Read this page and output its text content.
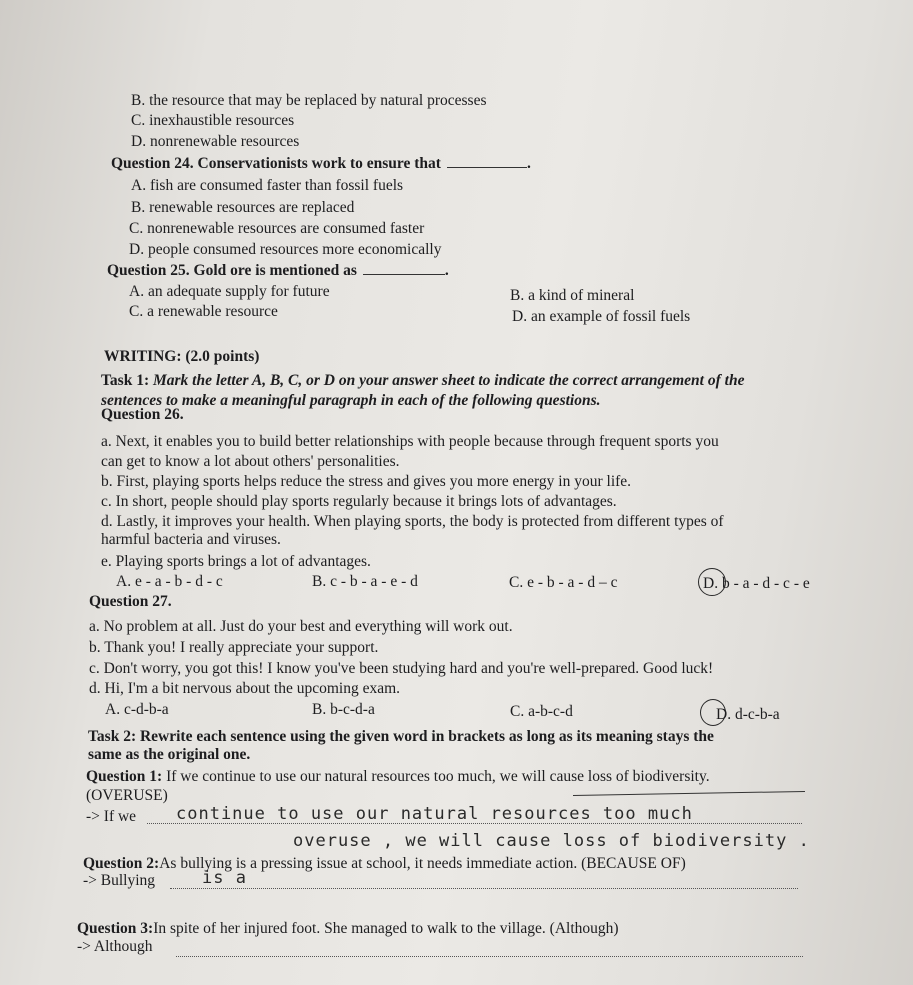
B. the resource that may be replaced by natural processes
C. inexhaustible resources
D. nonrenewable resources
Question 24. Conservationists work to ensure that	.
A. fish are consumed faster than fossil fuels
B. renewable resources are replaced
C. nonrenewable resources are consumed faster
D. people consumed resources more economically
Question 25. Gold ore is mentioned as	.
A. an adequate supply for future	B. a kind of mineral
C. a renewable resource	D. an example of fossil fuels
WRITING: (2.0 points)
Task 1: Mark the letter A, B, C, or D on your answer sheet to indicate the correct arrangement of the
sentences to make a meaningful paragraph in each of the following questions.
Question 26.
a. Next, it enables you to build better relationships with people because through frequent sports you
can get to know a lot about others' personalities.
b. First, playing sports helps reduce the stress and gives you more energy in your life.
c. In short, people should play sports regularly because it brings lots of advantages.
d. Lastly, it improves your health. When playing sports, the body is protected from different types of
harmful bacteria and viruses.
e. Playing sports brings a lot of advantages.
A. e - a - b - d - c	B. c - b - a - e - d	C. e - b - a - d – c	D. b - a - d - c - e
Question 27.
a. No problem at all. Just do your best and everything will work out.
b. Thank you! I really appreciate your support.
c. Don't worry, you got this! I know you've been studying hard and you're well-prepared. Good luck!
d. Hi, I'm a bit nervous about the upcoming exam.
A. c-d-b-a	B. b-c-d-a	C. a-b-c-d	D. d-c-b-a
Task 2: Rewrite each sentence using the given word in brackets as long as its meaning stays the
same as the original one.
Question 1: If we continue to use our natural resources too much, we will cause loss of biodiversity.
(OVERUSE)
-> If we continue to use our natural resources too much
overuse , we will cause loss of biodiversity .
Question 2:As bullying is a pressing issue at school, it needs immediate action. (BECAUSE OF)
-> Bullying	is a
Question 3:In spite of her injured foot. She managed to walk to the village. (Although)
-> Although
